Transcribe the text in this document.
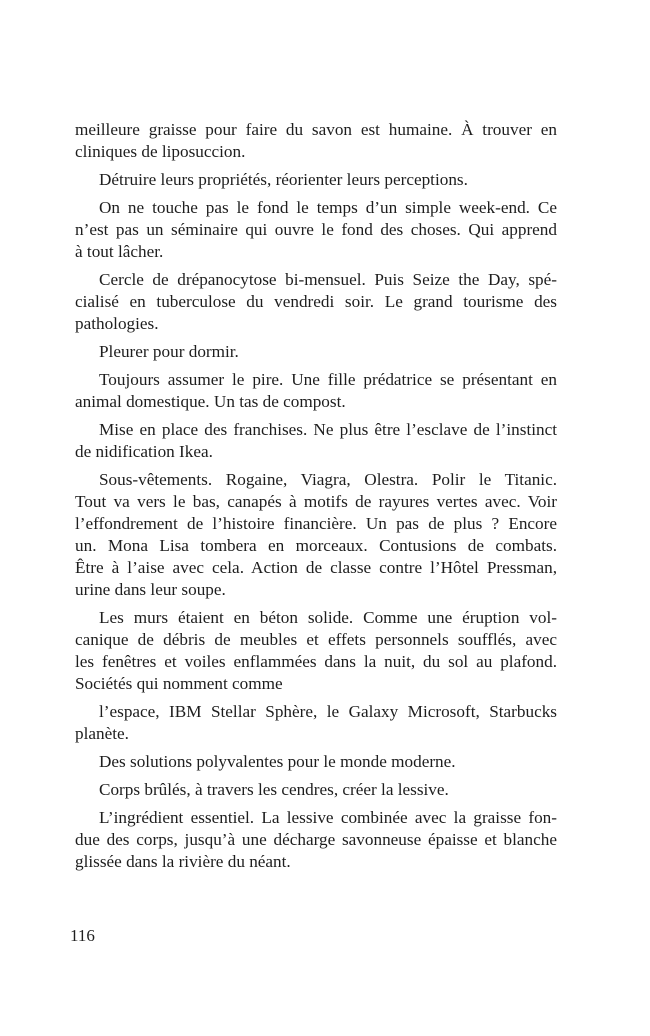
meilleure graisse pour faire du savon est humaine. À trouver en
cliniques de liposuccion.
Détruire leurs propriétés, réorienter leurs perceptions.
On ne touche pas le fond le temps d’un simple week-end. Ce
n’est pas un séminaire qui ouvre le fond des choses. Qui apprend
à tout lâcher.
Cercle de drépanocytose bi-mensuel. Puis Seize the Day, spé-
cialisé en tuberculose du vendredi soir. Le grand tourisme des
pathologies.
Pleurer pour dormir.
Toujours assumer le pire. Une fille prédatrice se présentant en
animal domestique. Un tas de compost.
Mise en place des franchises. Ne plus être l’esclave de l’instinct
de nidification Ikea.
Sous-vêtements. Rogaine, Viagra, Olestra. Polir le Titanic.
Tout va vers le bas, canapés à motifs de rayures vertes avec. Voir
l’effondrement de l’histoire financière. Un pas de plus ? Encore
un. Mona Lisa tombera en morceaux. Contusions de combats.
Être à l’aise avec cela. Action de classe contre l’Hôtel Pressman,
urine dans leur soupe.
Les murs étaient en béton solide. Comme une éruption vol-
canique de débris de meubles et effets personnels soufflés, avec
les fenêtres et voiles enflammées dans la nuit, du sol au plafond.
Sociétés qui nomment comme
l’espace, IBM Stellar Sphère, le Galaxy Microsoft, Starbucks
planète.
Des solutions polyvalentes pour le monde moderne.
Corps brûlés, à travers les cendres, créer la lessive.
L’ingrédient essentiel. La lessive combinée avec la graisse fon-
due des corps, jusqu’à une décharge savonneuse épaisse et blanche
glissée dans la rivière du néant.
116
